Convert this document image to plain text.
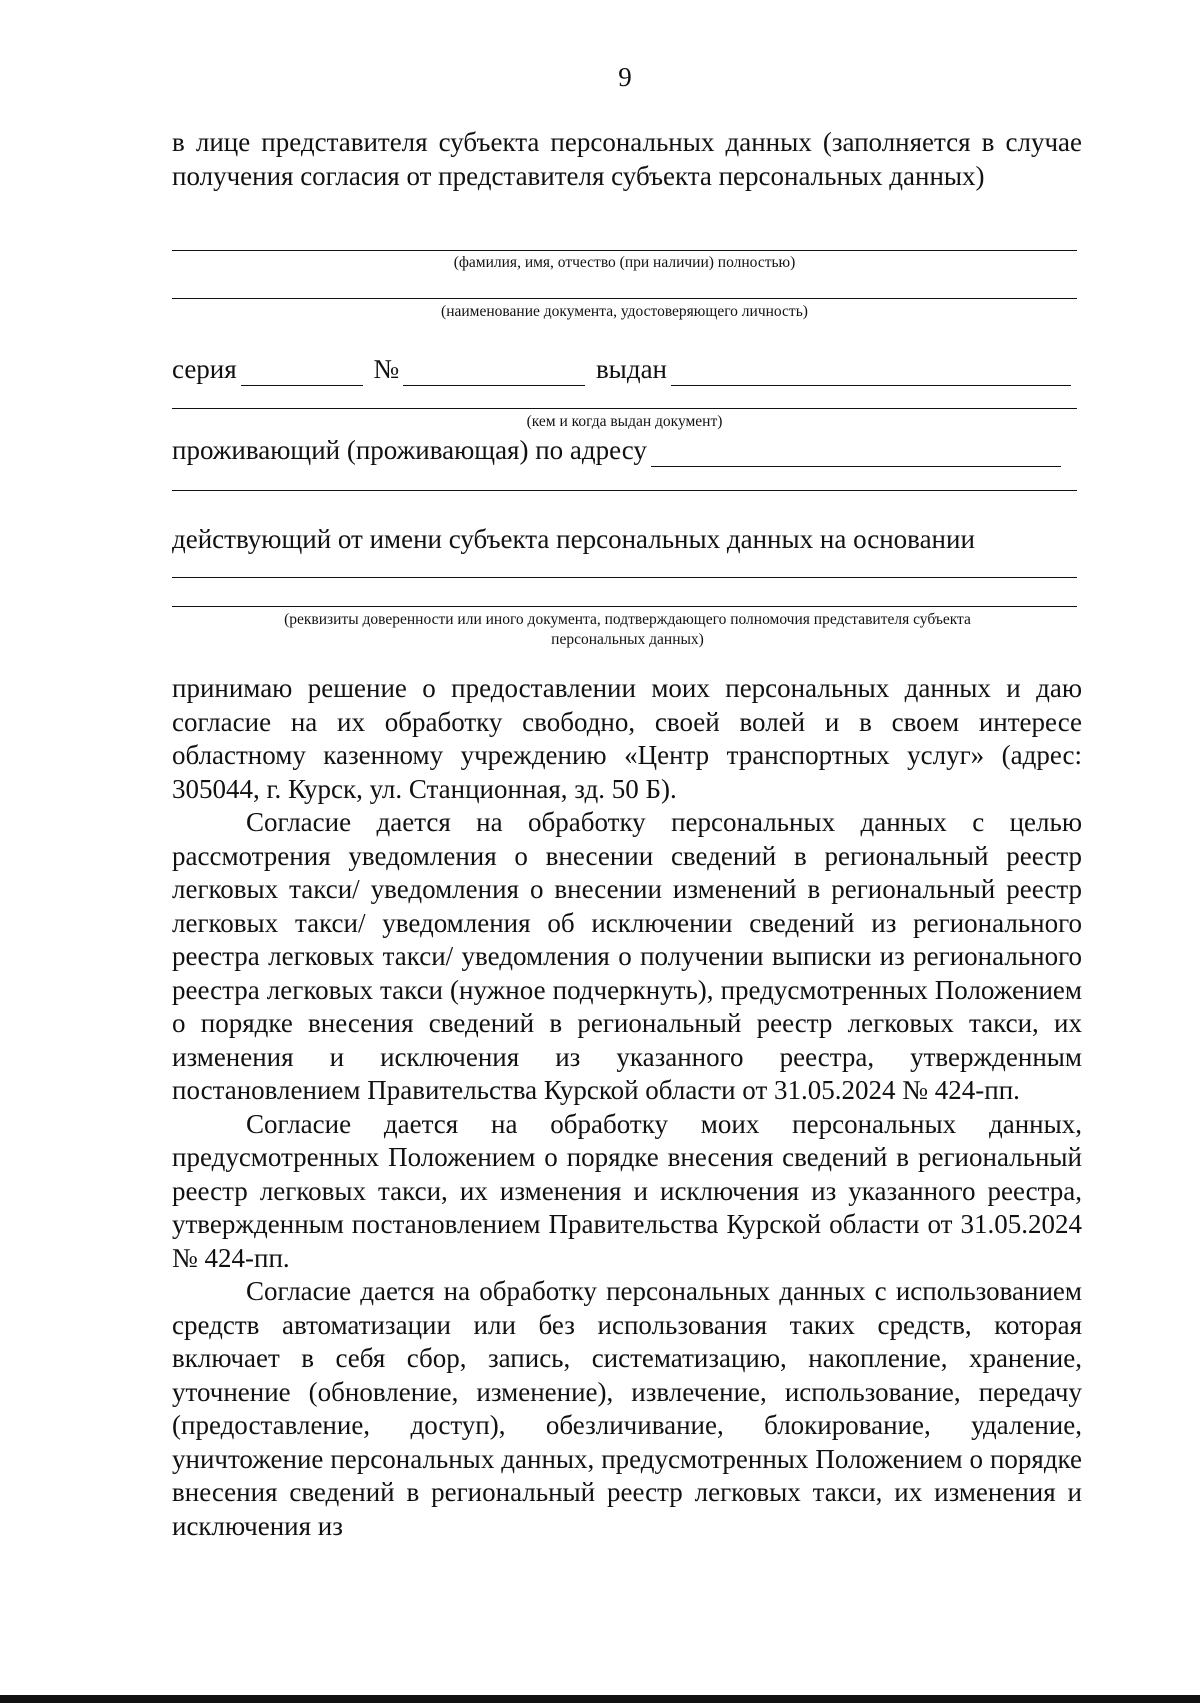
9

в лице представителя субъекта персональных данных (заполняется в случае получения согласия от представителя субъекта персональных данных)

(фамилия, имя, отчество (при наличии) полностью)
(наименование документа, удостоверяющего личность)
серия	№	выдан
(кем и когда выдан документ)
проживающий (проживающая) по адресу
действующий от имени субъекта персональных данных на основании
(реквизиты доверенности или иного документа, подтверждающего полномочия представителя субъекта
персональных данных)

принимаю решение о предоставлении моих персональных данных и даю согласие на их обработку свободно, своей волей и в своем интересе областному казенному учреждению «Центр транспортных услуг» (адрес: 305044, г. Курск, ул. Станционная, зд. 50 Б).

Согласие дается на обработку персональных данных с целью рассмотрения уведомления о внесении сведений в региональный реестр легковых такси/ уведомления о внесении изменений в региональный реестр легковых такси/ уведомления об исключении сведений из регионального реестра легковых такси/ уведомления о получении выписки из регионального реестра легковых такси (нужное подчеркнуть), предусмотренных Положением о порядке внесения сведений в региональный реестр легковых такси, их изменения и исключения из указанного реестра, утвержденным постановлением Правительства Курской области от 31.05.2024 № 424-пп.

Согласие дается на обработку моих персональных данных, предусмотренных Положением о порядке внесения сведений в региональный реестр легковых такси, их изменения и исключения из указанного реестра, утвержденным постановлением Правительства Курской области от 31.05.2024 № 424-пп.

Согласие дается на обработку персональных данных с использованием средств автоматизации или без использования таких средств, которая включает в себя сбор, запись, систематизацию, накопление, хранение, уточнение (обновление, изменение), извлечение, использование, передачу (предоставление, доступ), обезличивание, блокирование, удаление, уничтожение персональных данных, предусмотренных Положением о порядке внесения сведений в региональный реестр легковых такси, их изменения и исключения из
